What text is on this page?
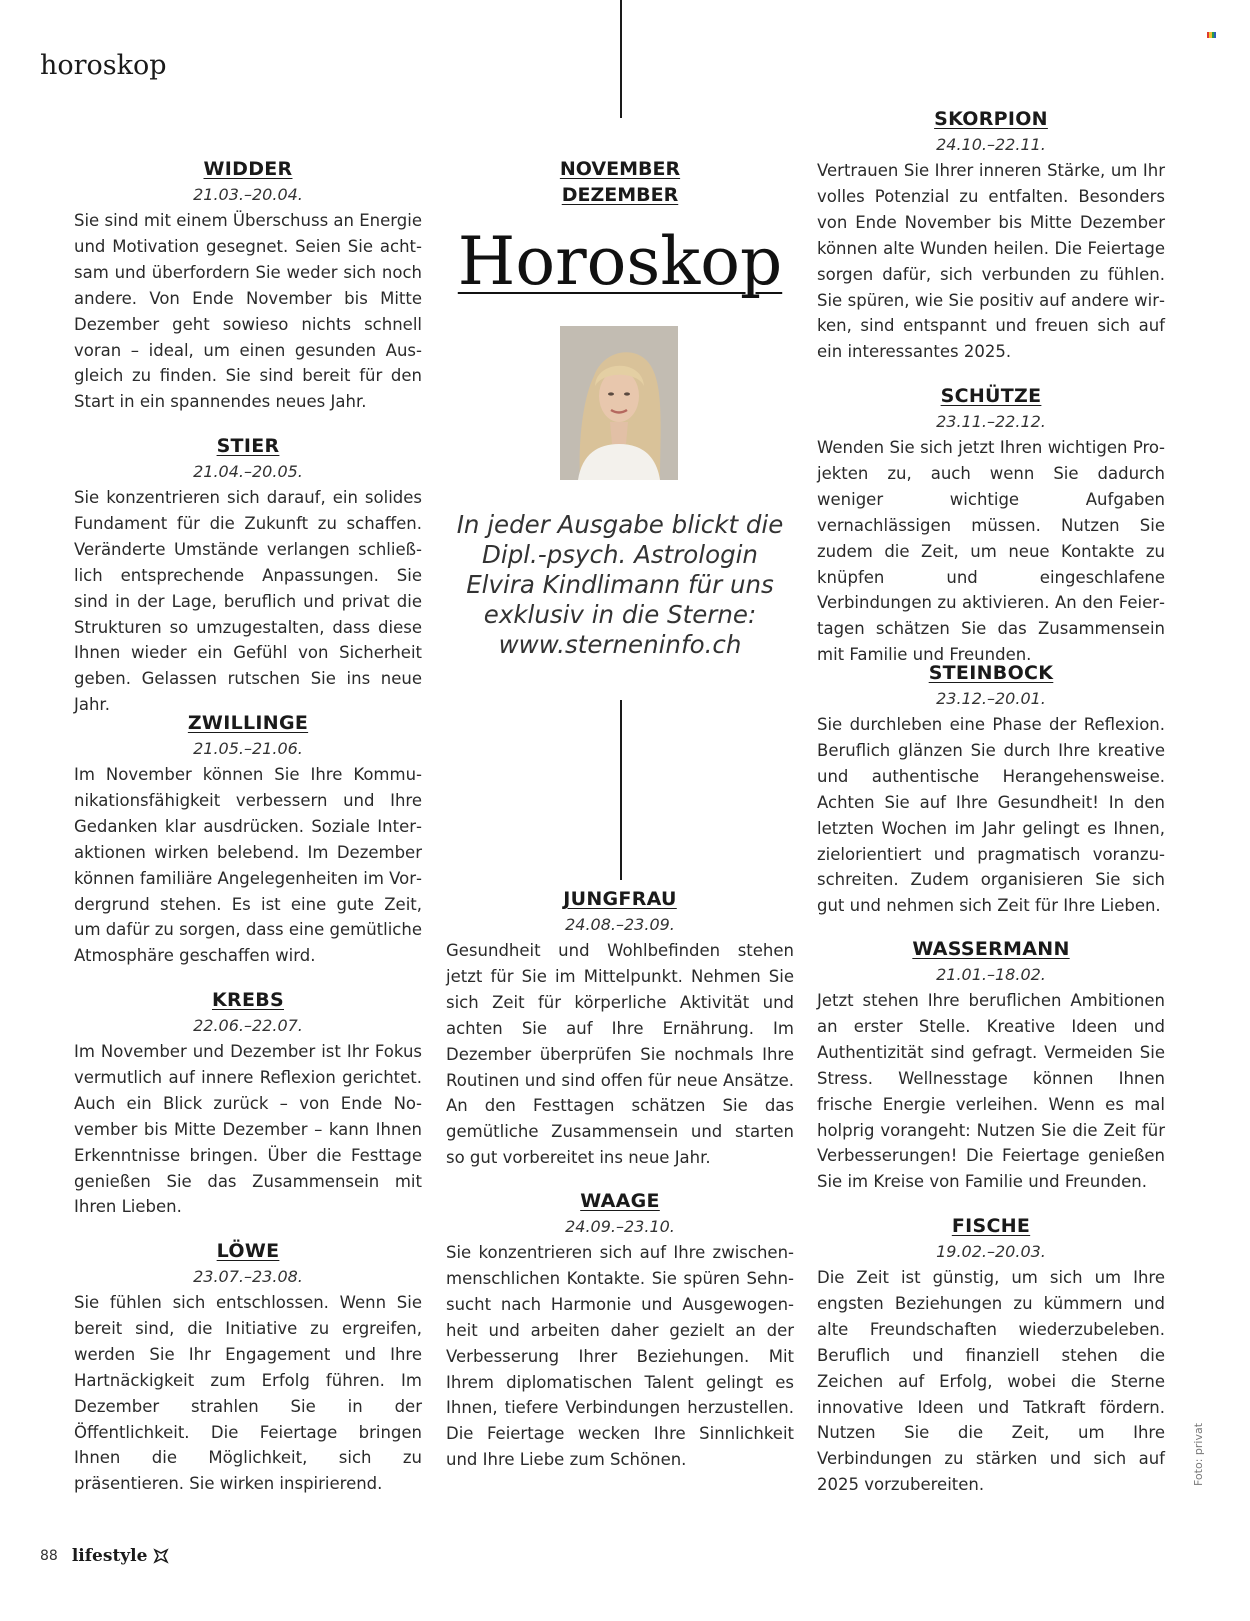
horoskop
WIDDER
21.03.–20.04.

Sie sind mit einem Überschuss an Energie und Motivation gesegnet. Seien Sie achtsam und überfordern Sie weder sich noch andere. Von Ende November bis Mitte Dezember geht sowieso nichts schnell voran – ideal, um einen gesunden Ausgleich zu finden. Sie sind bereit für den Start in ein spannendes neues Jahr.

STIER
21.04.–20.05.

Sie konzentrieren sich darauf, ein solides Fundament für die Zukunft zu schaffen. Veränderte Umstände verlangen schließlich entsprechende Anpassungen. Sie sind in der Lage, beruflich und privat die Strukturen so umzugestalten, dass diese Ihnen wieder ein Gefühl von Sicherheit geben. Gelassen rutschen Sie ins neue Jahr.

ZWILLINGE
21.05.–21.06.

Im November können Sie Ihre Kommunikationsfähigkeit verbessern und Ihre Gedanken klar ausdrücken. Soziale Interaktionen wirken belebend. Im Dezember können familiäre Angelegenheiten im Vordergrund stehen. Es ist eine gute Zeit, um dafür zu sorgen, dass eine gemütliche Atmosphäre geschaffen wird.

KREBS
22.06.–22.07.

Im November und Dezember ist Ihr Fokus vermutlich auf innere Reflexion gerichtet. Auch ein Blick zurück – von Ende November bis Mitte Dezember – kann Ihnen Erkenntnisse bringen. Über die Festtage genießen Sie das Zusammensein mit Ihren Lieben.

LÖWE
23.07.–23.08.

Sie fühlen sich entschlossen. Wenn Sie bereit sind, die Initiative zu ergreifen, werden Sie Ihr Engagement und Ihre Hartnäckigkeit zum Erfolg führen. Im Dezember strahlen Sie in der Öffentlichkeit. Die Feiertage bringen Ihnen die Möglichkeit, sich zu präsentieren. Sie wirken inspirierend.

NOVEMBER
DEZEMBER
Horoskop
In jeder Ausgabe blickt die
Dipl.-psych. Astrologin
Elvira Kindlimann für uns
exklusiv in die Sterne:
www.sterneninfo.ch
JUNGFRAU
24.08.–23.09.

Gesundheit und Wohlbefinden stehen jetzt für Sie im Mittelpunkt. Nehmen Sie sich Zeit für körperliche Aktivität und achten Sie auf Ihre Ernährung. Im Dezember überprüfen Sie nochmals Ihre Routinen und sind offen für neue Ansätze. An den Festtagen schätzen Sie das gemütliche Zusammensein und starten so gut vorbereitet ins neue Jahr.

WAAGE
24.09.–23.10.

Sie konzentrieren sich auf Ihre zwischenmenschlichen Kontakte. Sie spüren Sehnsucht nach Harmonie und Ausgewogenheit und arbeiten daher gezielt an der Verbesserung Ihrer Beziehungen. Mit Ihrem diplomatischen Talent gelingt es Ihnen, tiefere Verbindungen herzustellen. Die Feiertage wecken Ihre Sinnlichkeit und Ihre Liebe zum Schönen.

SKORPION
24.10.–22.11.

Vertrauen Sie Ihrer inneren Stärke, um Ihr volles Potenzial zu entfalten. Besonders von Ende November bis Mitte Dezember können alte Wunden heilen. Die Feiertage sorgen dafür, sich verbunden zu fühlen. Sie spüren, wie Sie positiv auf andere wirken, sind entspannt und freuen sich auf ein interessantes 2025.

SCHÜTZE
23.11.–22.12.

Wenden Sie sich jetzt Ihren wichtigen Projekten zu, auch wenn Sie dadurch weniger wichtige Aufgaben vernachlässigen müssen. Nutzen Sie zudem die Zeit, um neue Kontakte zu knüpfen und eingeschlafene Verbindungen zu aktivieren. An den Feiertagen schätzen Sie das Zusammensein mit Familie und Freunden.

STEINBOCK
23.12.–20.01.

Sie durchleben eine Phase der Reflexion. Beruflich glänzen Sie durch Ihre kreative und authentische Herangehensweise. Achten Sie auf Ihre Gesundheit! In den letzten Wochen im Jahr gelingt es Ihnen, zielorientiert und pragmatisch voranzuschreiten. Zudem organisieren Sie sich gut und nehmen sich Zeit für Ihre Lieben.

WASSERMANN
21.01.–18.02.

Jetzt stehen Ihre beruflichen Ambitionen an erster Stelle. Kreative Ideen und Authentizität sind gefragt. Vermeiden Sie Stress. Wellnesstage können Ihnen frische Energie verleihen. Wenn es mal holprig vorangeht: Nutzen Sie die Zeit für Verbesserungen! Die Feiertage genießen Sie im Kreise von Familie und Freunden.

FISCHE
19.02.–20.03.

Die Zeit ist günstig, um sich um Ihre engsten Beziehungen zu kümmern und alte Freundschaften wiederzubeleben. Beruflich und finanziell stehen die Zeichen auf Erfolg, wobei die Sterne innovative Ideen und Tatkraft fördern. Nutzen Sie die Zeit, um Ihre Verbindungen zu stärken und sich auf 2025 vorzubereiten.	Foto: privat
88 lifestyle
